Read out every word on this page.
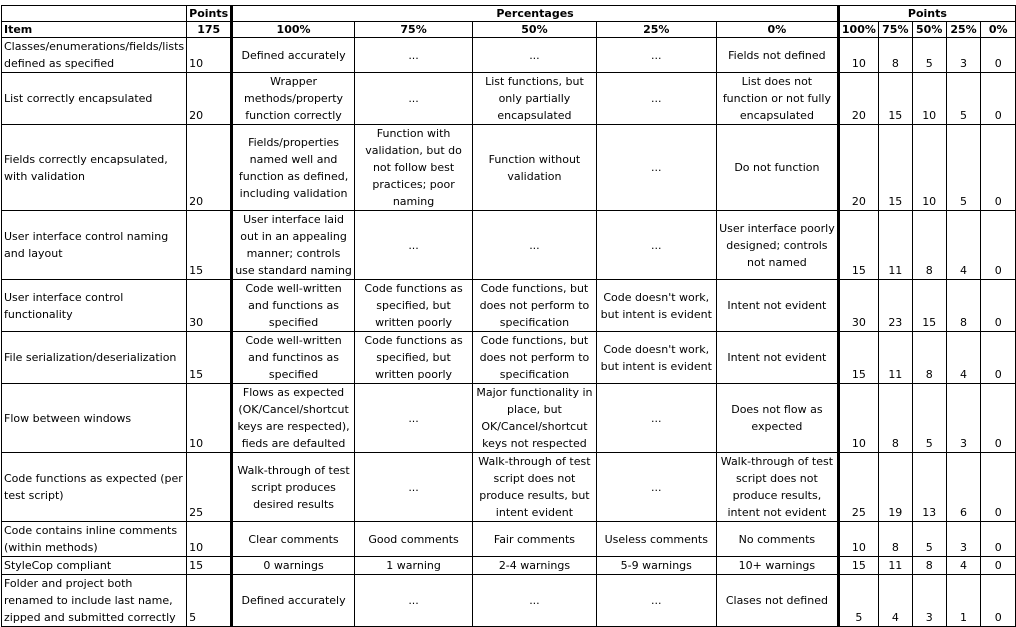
	Points	Percentages					Points				
Item	175	100%	75%	50%	25%	0%	100%	75%	50%	25%	0%
Classes/enumerations/fields/lists defined as specified	10	Defined accurately	...	...	...	Fields not defined	10	8	5	3	0
List correctly encapsulated	20	Wrapper methods/property function correctly	...	List functions, but only partially encapsulated	...	List does not function or not fully encapsulated	20	15	10	5	0
Fields correctly encapsulated, with validation	20	Fields/properties named well and function as defined, including validation	Function with validation, but do not follow best practices; poor naming	Function without validation	...	Do not function	20	15	10	5	0
User interface control naming and layout	15	User interface laid out in an appealing manner; controls use standard naming	...	...	...	User interface poorly designed; controls not named	15	11	8	4	0
User interface control functionality	30	Code well-written and functions as specified	Code functions as specified, but written poorly	Code functions, but does not perform to specification	Code doesn't work, but intent is evident	Intent not evident	30	23	15	8	0
File serialization/deserialization	15	Code well-written and functinos as specified	Code functions as specified, but written poorly	Code functions, but does not perform to specification	Code doesn't work, but intent is evident	Intent not evident	15	11	8	4	0
Flow between windows	10	Flows as expected (OK/Cancel/shortcut keys are respected), fieds are defaulted	...	Major functionality in place, but OK/Cancel/shortcut keys not respected	...	Does not flow as expected	10	8	5	3	0
Code functions as expected (per test script)	25	Walk-through of test script produces desired results	...	Walk-through of test script does not produce results, but intent evident	...	Walk-through of test script does not produce results, intent not evident	25	19	13	6	0
Code contains inline comments (within methods)	10	Clear comments	Good comments	Fair comments	Useless comments	No comments	10	8	5	3	0
StyleCop compliant	15	0 warnings	1 warning	2-4 warnings	5-9 warnings	10+ warnings	15	11	8	4	0
Folder and project both renamed to include last name, zipped and submitted correctly	5	Defined accurately	...	...	...	Clases not defined	5	4	3	1	0
